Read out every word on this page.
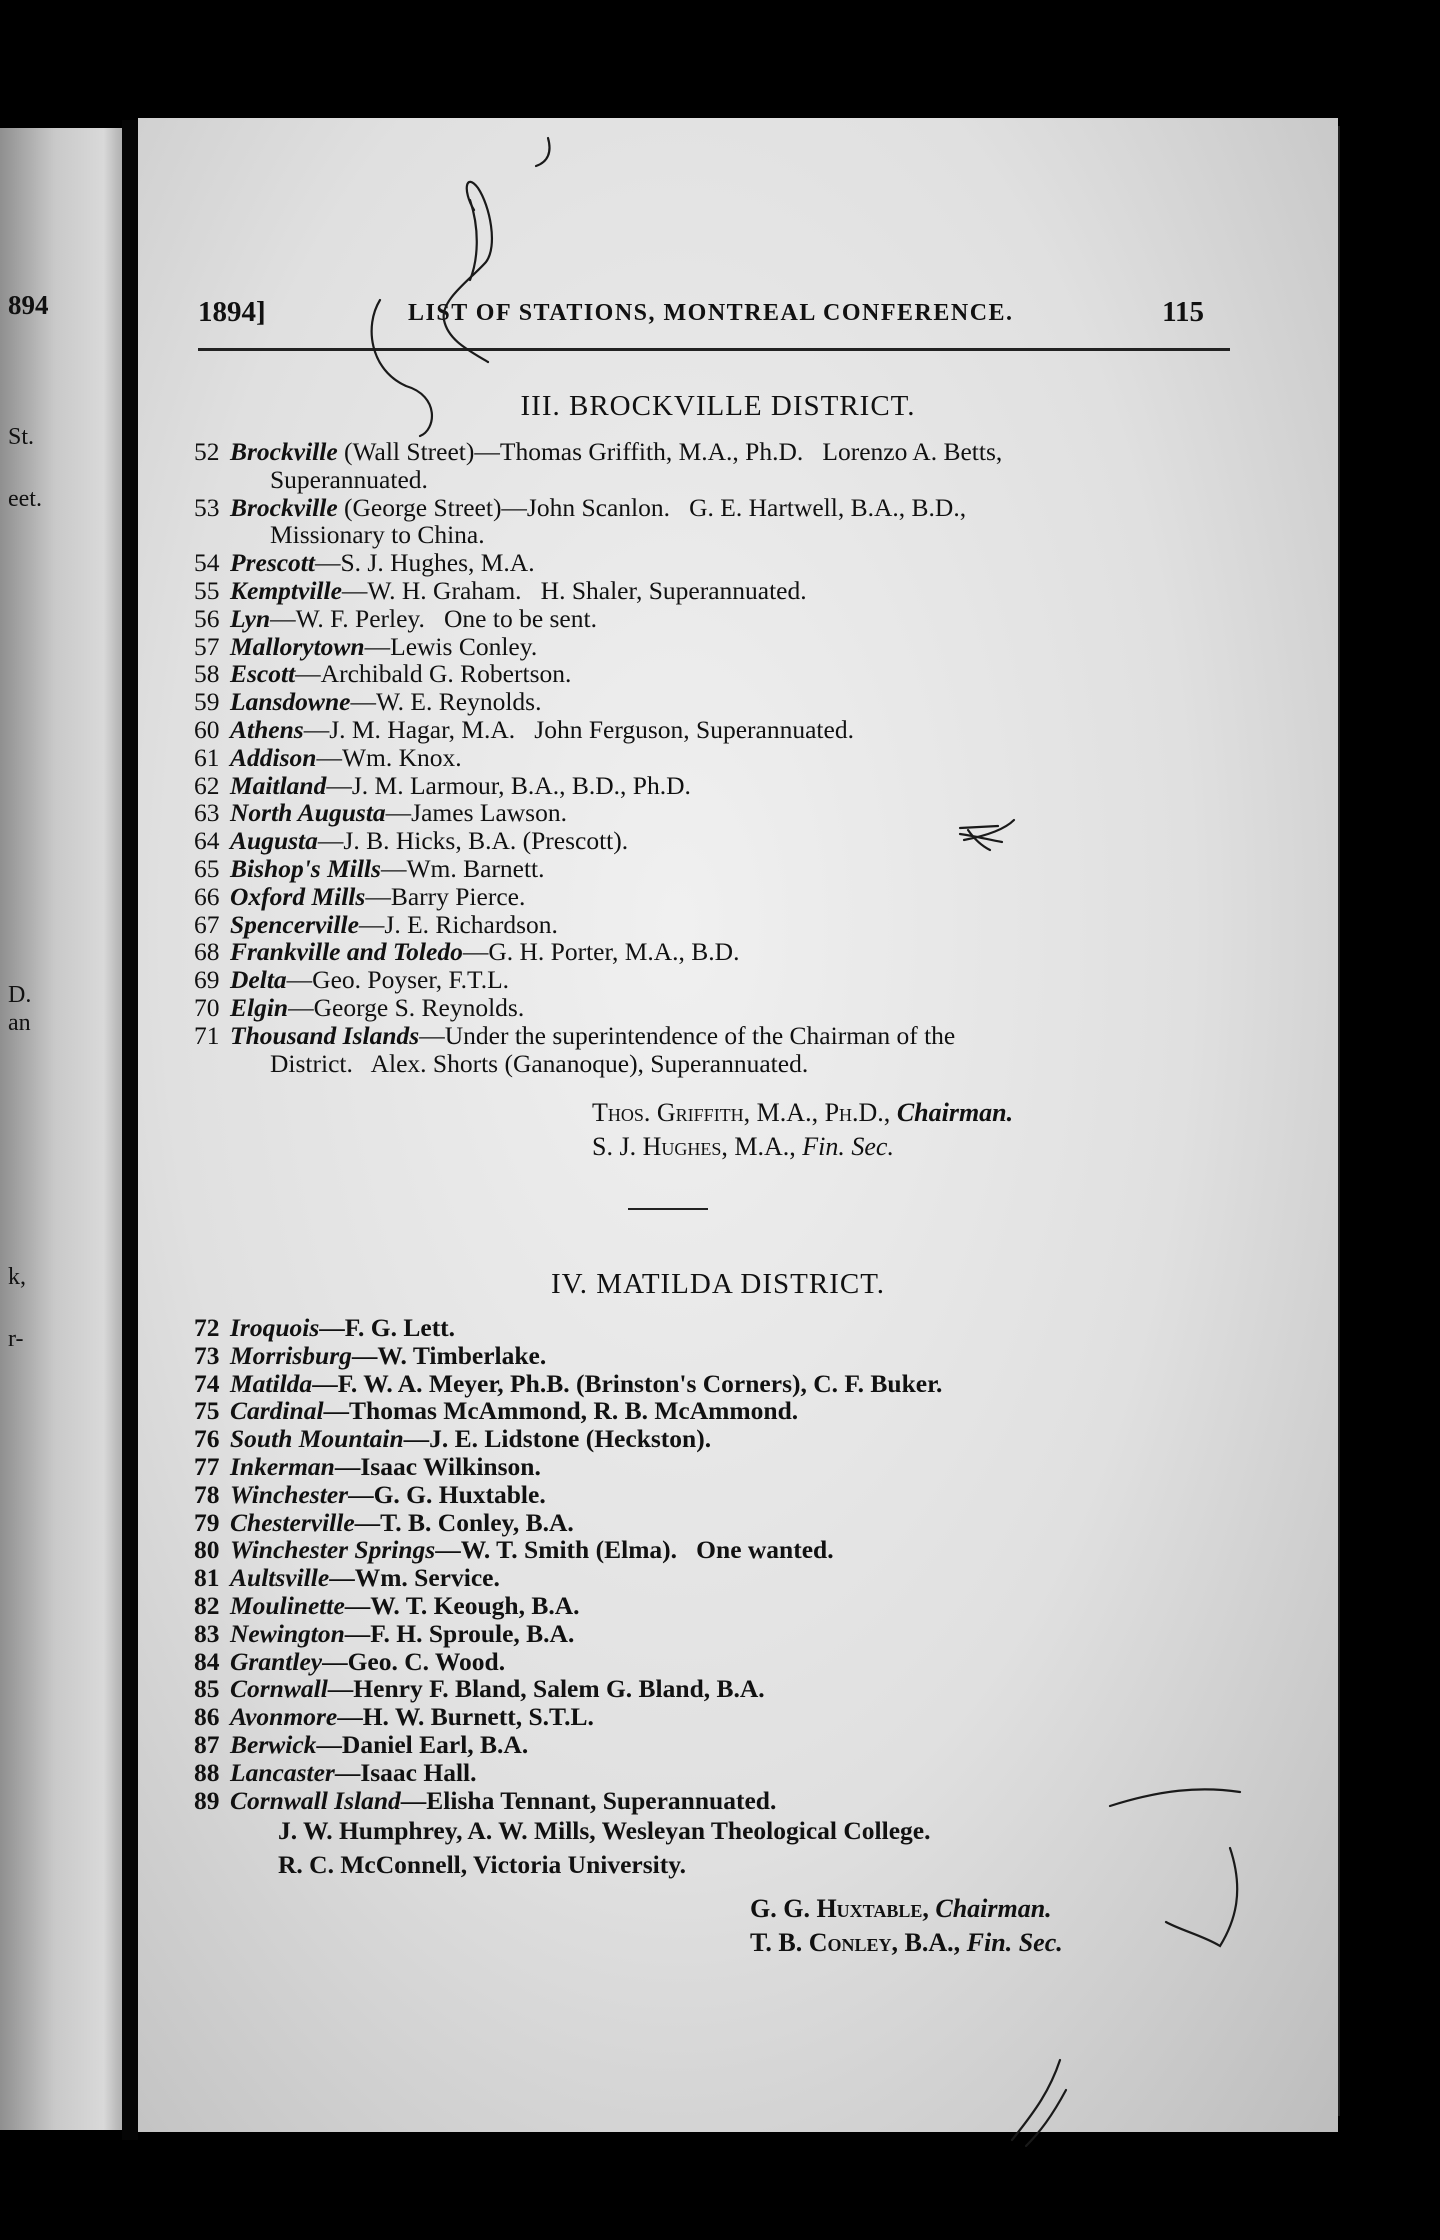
894
St.
eet.
D.
an
k,
r-
1894]	LIST OF STATIONS, MONTREAL CONFERENCE.	115
III. BROCKVILLE DISTRICT.
52 Brockville (Wall Street)—Thomas Griffith, M.A., Ph.D.   Lorenzo A. Betts,
Superannuated.
53 Brockville (George Street)—John Scanlon.   G. E. Hartwell, B.A., B.D.,
Missionary to China.
54 Prescott—S. J. Hughes, M.A.
55 Kemptville—W. H. Graham.   H. Shaler, Superannuated.
56 Lyn—W. F. Perley.   One to be sent.
57 Mallorytown—Lewis Conley.
58 Escott—Archibald G. Robertson.
59 Lansdowne—W. E. Reynolds.
60 Athens—J. M. Hagar, M.A.   John Ferguson, Superannuated.
61 Addison—Wm. Knox.
62 Maitland—J. M. Larmour, B.A., B.D., Ph.D.
63 North Augusta—James Lawson.
64 Augusta—J. B. Hicks, B.A. (Prescott).
65 Bishop's Mills—Wm. Barnett.
66 Oxford Mills—Barry Pierce.
67 Spencerville—J. E. Richardson.
68 Frankville and Toledo—G. H. Porter, M.A., B.D.
69 Delta—Geo. Poyser, F.T.L.
70 Elgin—George S. Reynolds.
71 Thousand Islands—Under the superintendence of the Chairman of the
District.   Alex. Shorts (Gananoque), Superannuated.
Thos. Griffith, M.A., Ph.D., Chairman.
S. J. Hughes, M.A., Fin. Sec.
IV. MATILDA DISTRICT.
72 Iroquois—F. G. Lett.
73 Morrisburg—W. Timberlake.
74 Matilda—F. W. A. Meyer, Ph.B. (Brinston's Corners), C. F. Buker.
75 Cardinal—Thomas McAmmond, R. B. McAmmond.
76 South Mountain—J. E. Lidstone (Heckston).
77 Inkerman—Isaac Wilkinson.
78 Winchester—G. G. Huxtable.
79 Chesterville—T. B. Conley, B.A.
80 Winchester Springs—W. T. Smith (Elma).   One wanted.
81 Aultsville—Wm. Service.
82 Moulinette—W. T. Keough, B.A.
83 Newington—F. H. Sproule, B.A.
84 Grantley—Geo. C. Wood.
85 Cornwall—Henry F. Bland, Salem G. Bland, B.A.
86 Avonmore—H. W. Burnett, S.T.L.
87 Berwick—Daniel Earl, B.A.
88 Lancaster—Isaac Hall.
89 Cornwall Island—Elisha Tennant, Superannuated.
J. W. Humphrey, A. W. Mills, Wesleyan Theological College.
R. C. McConnell, Victoria University.
G. G. Huxtable, Chairman.
T. B. Conley, B.A., Fin. Sec.
